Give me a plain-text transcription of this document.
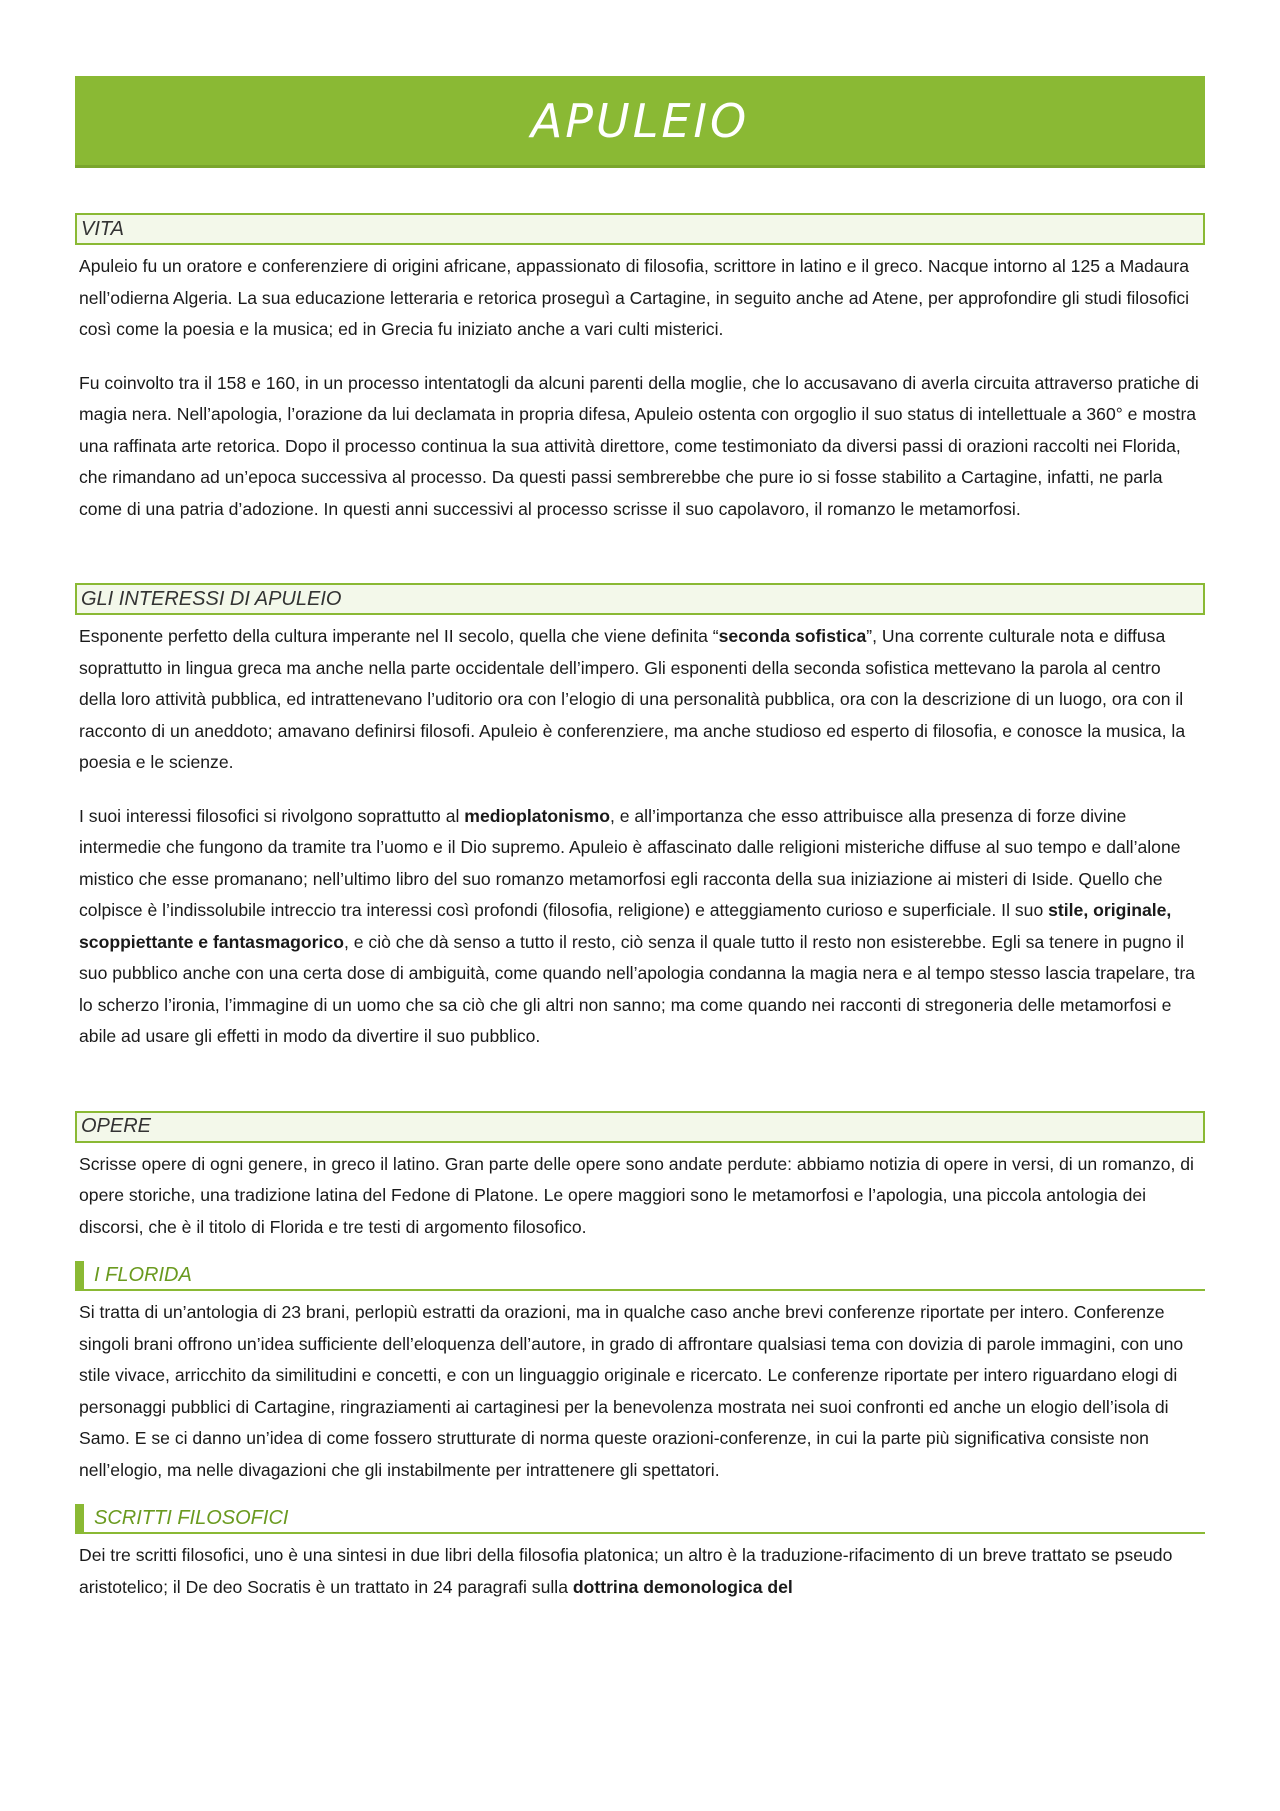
APULEIO
VITA

Apuleio fu un oratore e conferenziere di origini africane, appassionato di filosofia, scrittore in latino e il greco. Nacque intorno al 125 a Madaura nell’odierna Algeria. La sua educazione letteraria e retorica proseguì a Cartagine, in seguito anche ad Atene, per approfondire gli studi filosofici così come la poesia e la musica; ed in Grecia fu iniziato anche a vari culti misterici.

Fu coinvolto tra il 158 e 160, in un processo intentatogli da alcuni parenti della moglie, che lo accusavano di averla circuita attraverso pratiche di magia nera. Nell’apologia, l’orazione da lui declamata in propria difesa, Apuleio ostenta con orgoglio il suo status di intellettuale a 360° e mostra una raffinata arte retorica. Dopo il processo continua la sua attività direttore, come testimoniato da diversi passi di orazioni raccolti nei Florida, che rimandano ad un’epoca successiva al processo. Da questi passi sembrerebbe che pure io si fosse stabilito a Cartagine, infatti, ne parla come di una patria d’adozione. In questi anni successivi al processo scrisse il suo capolavoro, il romanzo le metamorfosi.

GLI INTERESSI DI APULEIO

Esponente perfetto della cultura imperante nel II secolo, quella che viene definita “seconda sofistica”, Una corrente culturale nota e diffusa soprattutto in lingua greca ma anche nella parte occidentale dell’impero. Gli esponenti della seconda sofistica mettevano la parola al centro della loro attività pubblica, ed intrattenevano l’uditorio ora con l’elogio di una personalità pubblica, ora con la descrizione di un luogo, ora con il racconto di un aneddoto; amavano definirsi filosofi. Apuleio è conferenziere, ma anche studioso ed esperto di filosofia, e conosce la musica, la poesia e le scienze.

I suoi interessi filosofici si rivolgono soprattutto al medioplatonismo, e all’importanza che esso attribuisce alla presenza di forze divine intermedie che fungono da tramite tra l’uomo e il Dio supremo. Apuleio è affascinato dalle religioni misteriche diffuse al suo tempo e dall’alone mistico che esse promanano; nell’ultimo libro del suo romanzo metamorfosi egli racconta della sua iniziazione ai misteri di Iside. Quello che colpisce è l’indissolubile intreccio tra interessi così profondi (filosofia, religione) e atteggiamento curioso e superficiale. Il suo stile, originale, scoppiettante e fantasmagorico, e ciò che dà senso a tutto il resto, ciò senza il quale tutto il resto non esisterebbe. Egli sa tenere in pugno il suo pubblico anche con una certa dose di ambiguità, come quando nell’apologia condanna la magia nera e al tempo stesso lascia trapelare, tra lo scherzo l’ironia, l’immagine di un uomo che sa ciò che gli altri non sanno; ma come quando nei racconti di stregoneria delle metamorfosi e abile ad usare gli effetti in modo da divertire il suo pubblico.

OPERE

Scrisse opere di ogni genere, in greco il latino. Gran parte delle opere sono andate perdute: abbiamo notizia di opere in versi, di un romanzo, di opere storiche, una tradizione latina del Fedone di Platone. Le opere maggiori sono le metamorfosi e l’apologia, una piccola antologia dei discorsi, che è il titolo di Florida e tre testi di argomento filosofico.

I FLORIDA

Si tratta di un’antologia di 23 brani, perlopiù estratti da orazioni, ma in qualche caso anche brevi conferenze riportate per intero. Conferenze singoli brani offrono un’idea sufficiente dell’eloquenza dell’autore, in grado di affrontare qualsiasi tema con dovizia di parole immagini, con uno stile vivace, arricchito da similitudini e concetti, e con un linguaggio originale e ricercato. Le conferenze riportate per intero riguardano elogi di personaggi pubblici di Cartagine, ringraziamenti ai cartaginesi per la benevolenza mostrata nei suoi confronti ed anche un elogio dell’isola di Samo. E se ci danno un’idea di come fossero strutturate di norma queste orazioni-conferenze, in cui la parte più significativa consiste non nell’elogio, ma nelle divagazioni che gli instabilmente per intrattenere gli spettatori.

SCRITTI FILOSOFICI

Dei tre scritti filosofici, uno è una sintesi in due libri della filosofia platonica; un altro è la traduzione-rifacimento di un breve trattato se pseudo aristotelico; il De deo Socratis è un trattato in 24 paragrafi sulla dottrina demonologica del
